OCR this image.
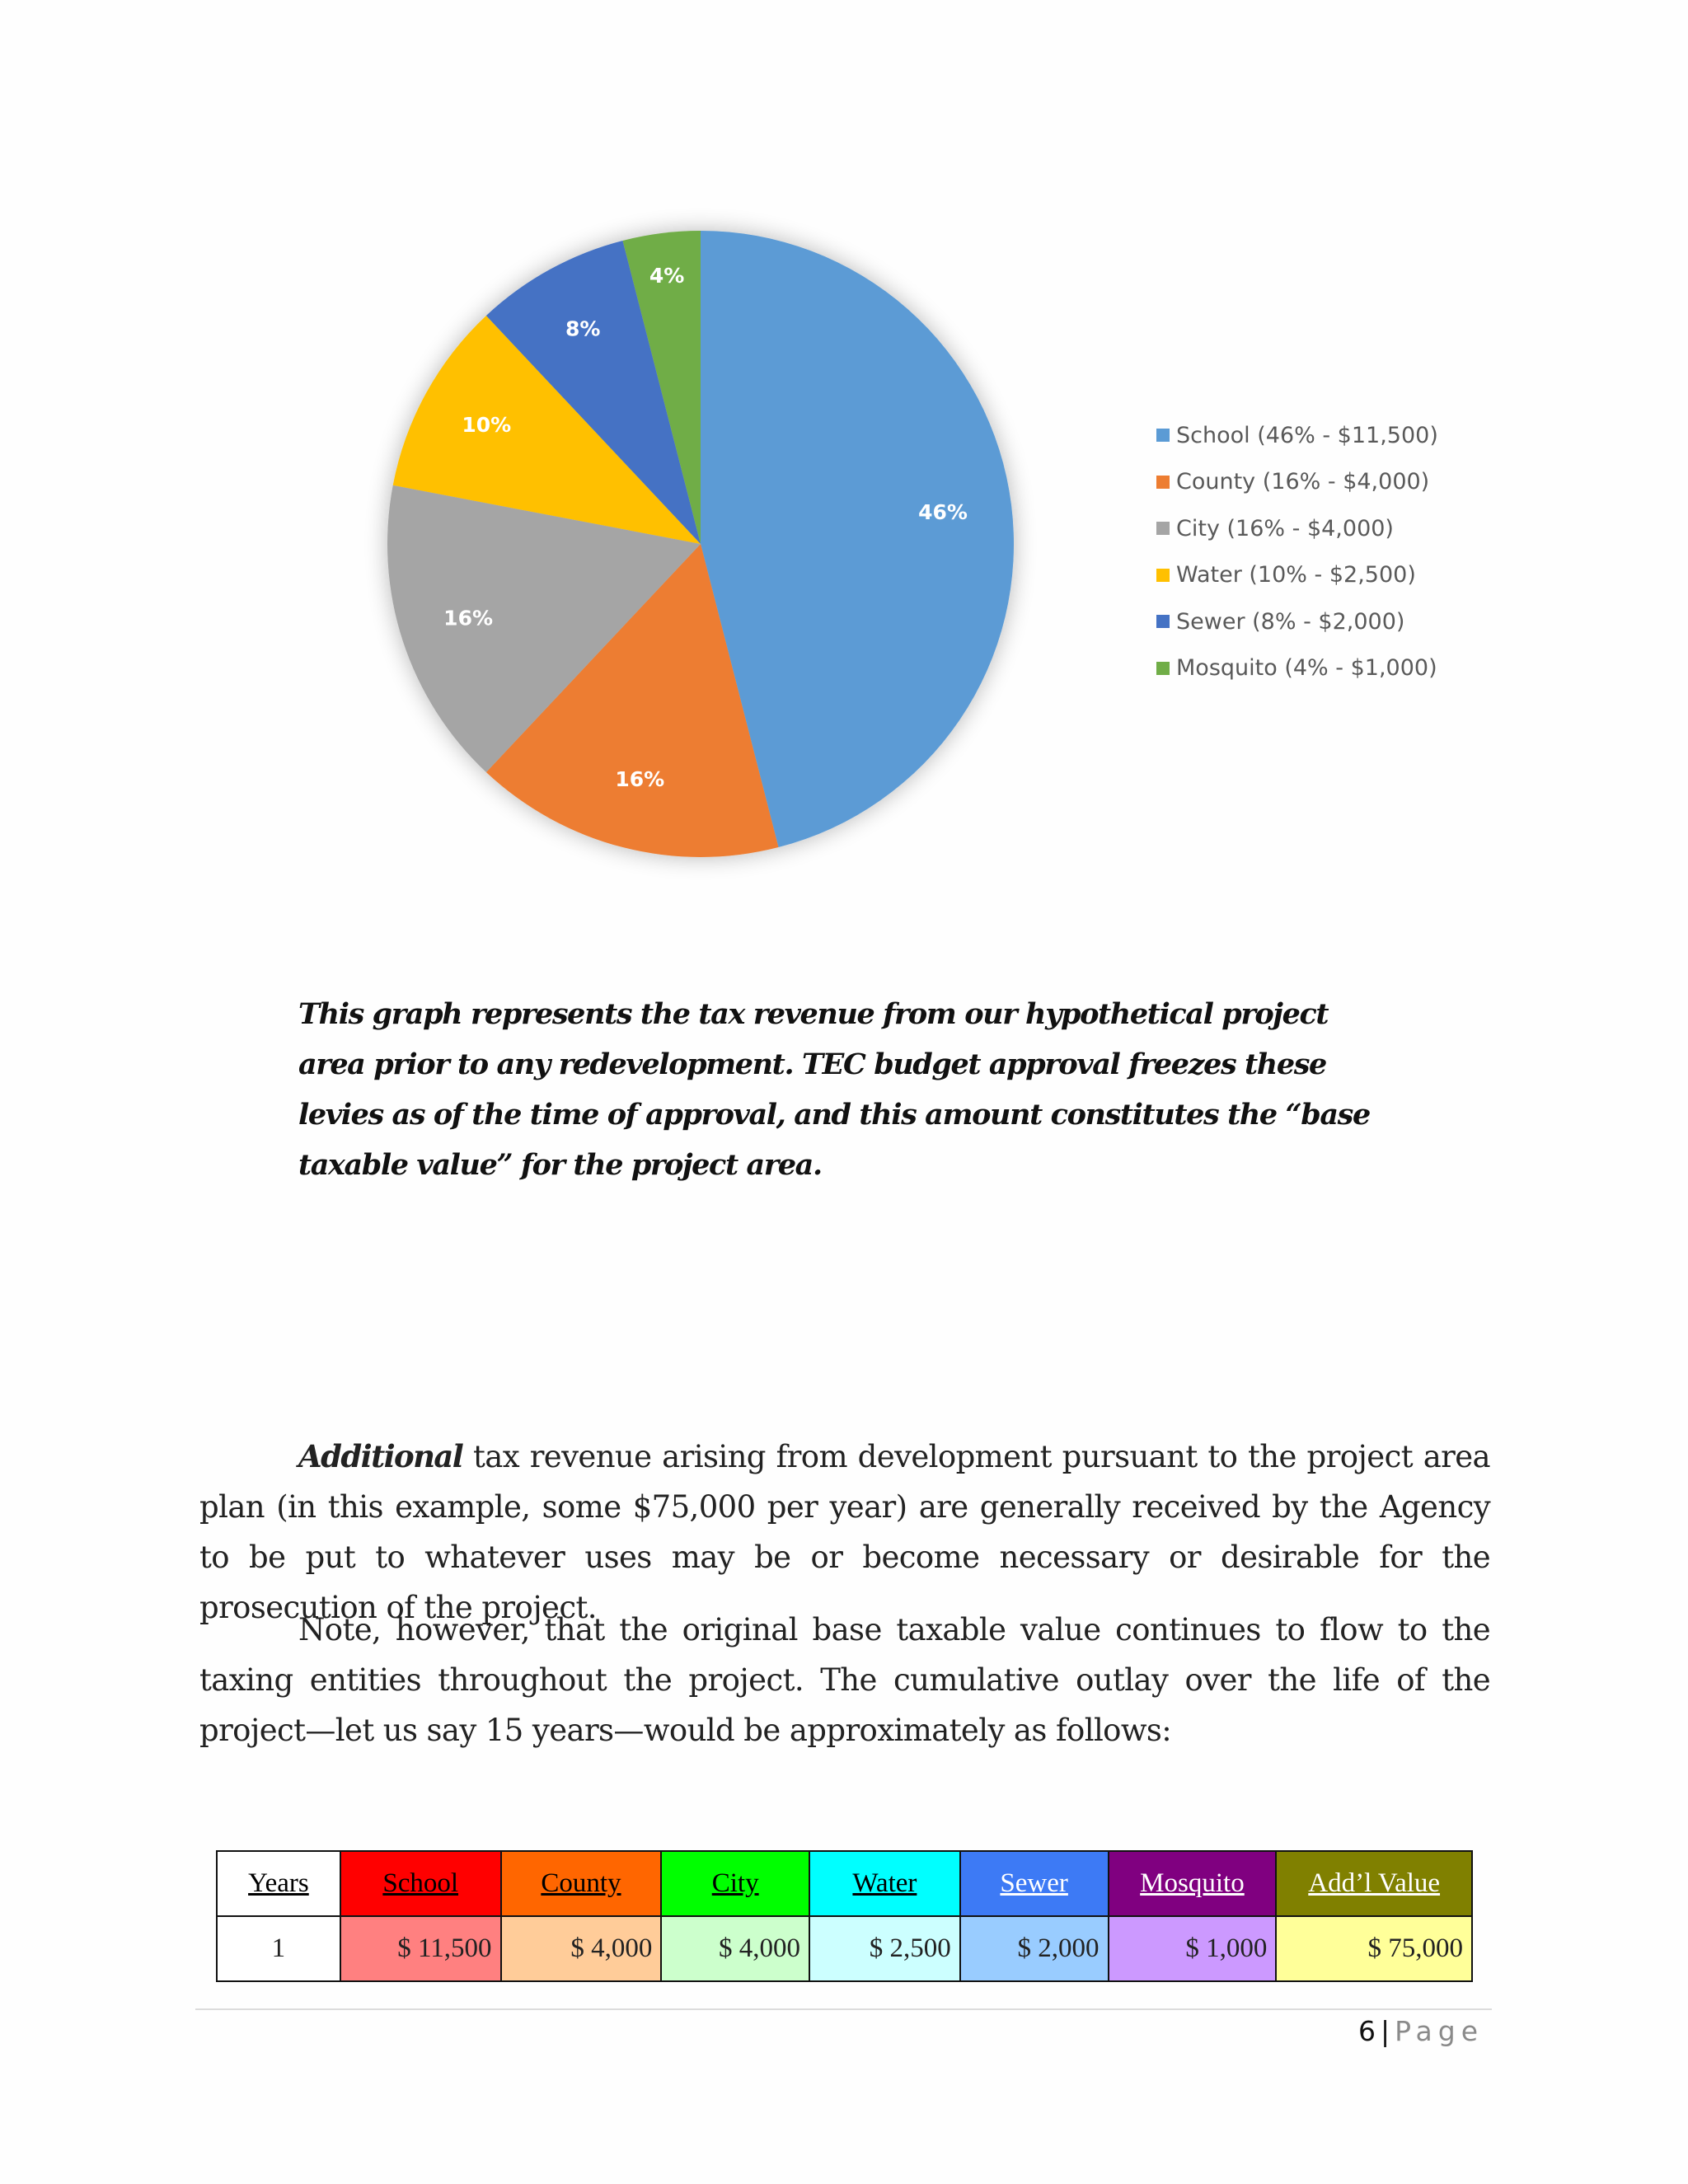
46%
16%
16%
10%
8%
4%
School (46% - $11,500)
County (16% - $4,000)
City (16% - $4,000)
Water (10% - $2,500)
Sewer (8% - $2,000)
Mosquito (4% - $1,000)
This graph represents the tax revenue from our hypothetical project area prior to any redevelopment. TEC budget approval freezes these levies as of the time of approval, and this amount constitutes the “base taxable value” for the project area.

Additional tax revenue arising from development pursuant to the project area plan (in this example, some $75,000 per year) are generally received by the Agency to be put to whatever uses may be or become necessary or desirable for the prosecution of the project.

Note, however, that the original base taxable value continues to flow to the taxing entities throughout the project. The cumulative outlay over the life of the project—let us say 15 years—would be approximately as follows:

Years	School	County	City	Water	Sewer	Mosquito	Add’l Value
1	$ 11,500	$ 4,000	$ 4,000	$ 2,500	$ 2,000	$ 1,000	$ 75,000
6 | Page
